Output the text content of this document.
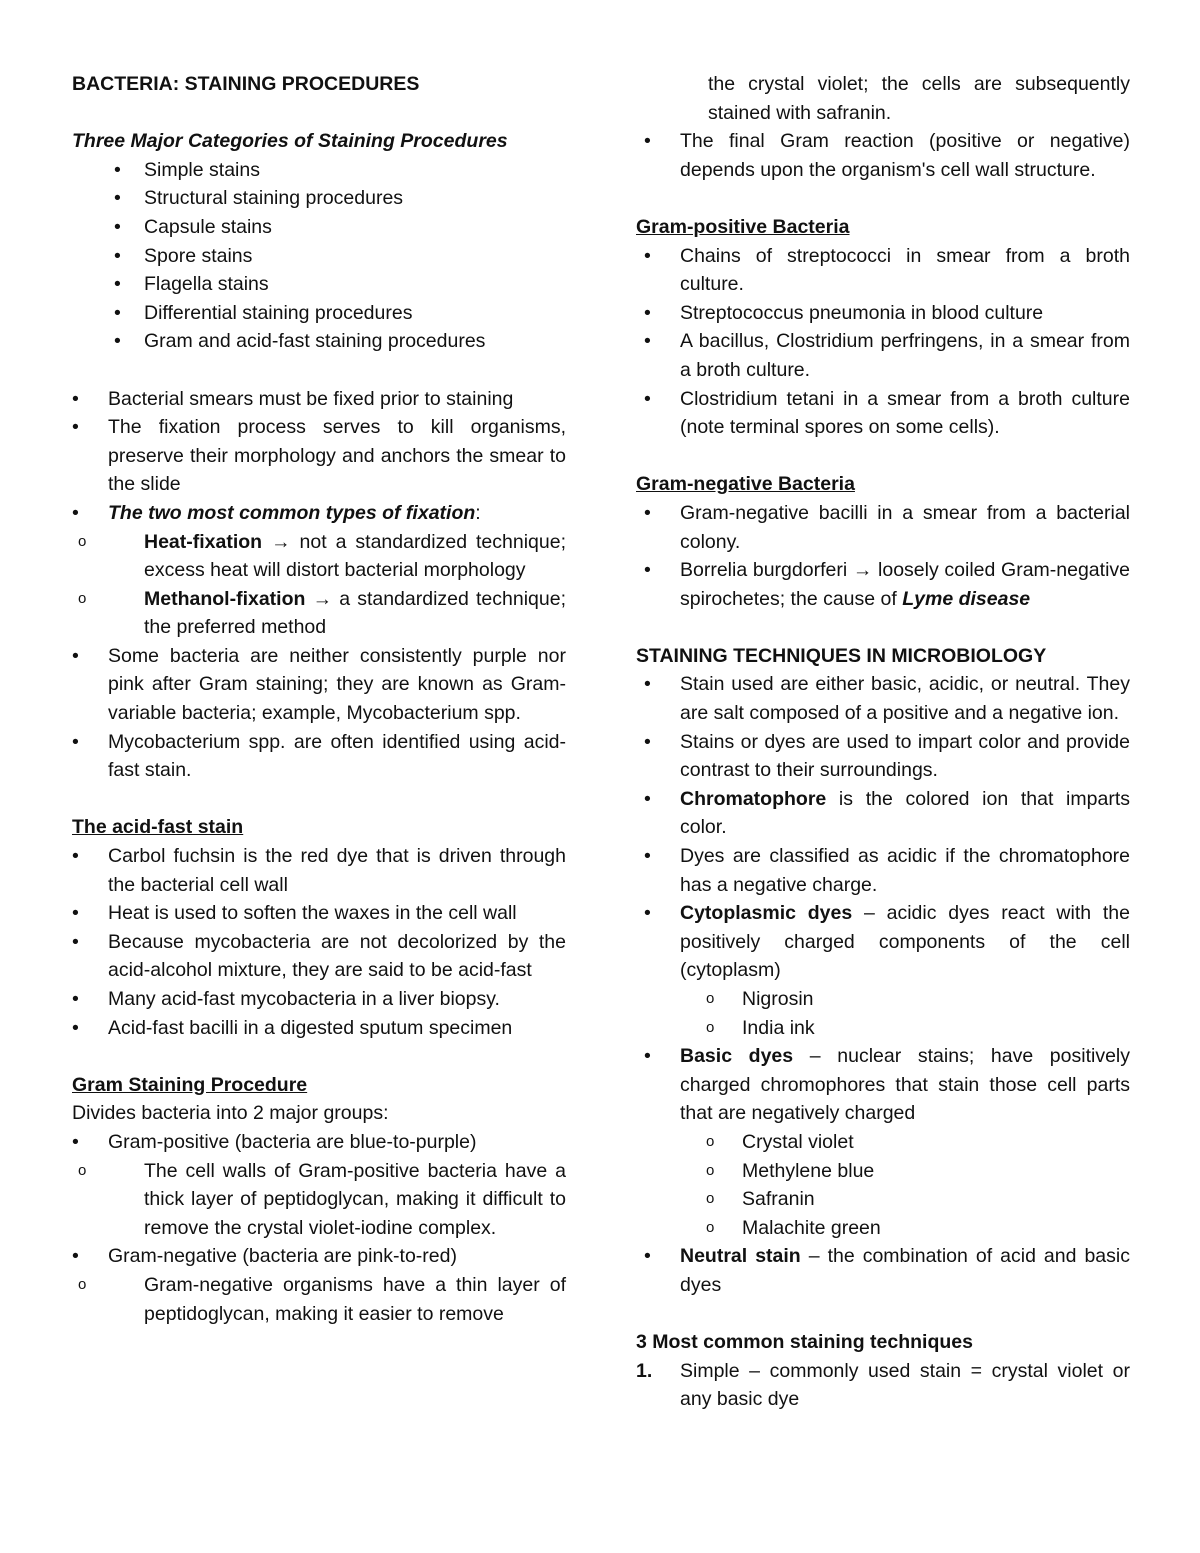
BACTERIA: STAINING PROCEDURES

Three Major Categories of Staining Procedures

• Simple stains
• Structural staining procedures
• Capsule stains
• Spore stains
• Flagella stains
• Differential staining procedures
• Gram and acid-fast staining procedures
• Bacterial smears must be fixed prior to staining
• The fixation process serves to kill organisms, preserve their morphology and anchors the smear to the slide
• The two most common types of fixation:
o	Heat-fixation → not a standardized technique; excess heat will distort bacterial morphology
o	Methanol-fixation → a standardized technique; the preferred method
• Some bacteria are neither consistently purple nor pink after Gram staining; they are known as Gram-variable bacteria; example, Mycobacterium spp.
• Mycobacterium spp. are often identified using acid-fast stain.

The acid-fast stain

• Carbol fuchsin is the red dye that is driven through the bacterial cell wall
• Heat is used to soften the waxes in the cell wall
• Because mycobacteria are not decolorized by the acid-alcohol mixture, they are said to be acid-fast
• Many acid-fast mycobacteria in a liver biopsy.
• Acid-fast bacilli in a digested sputum specimen

Gram Staining Procedure

Divides bacteria into 2 major groups:

• Gram-positive (bacteria are blue-to-purple)
o	The cell walls of Gram-positive bacteria have a thick layer of peptidoglycan, making it difficult to remove the crystal violet-iodine complex.
• Gram-negative (bacteria are pink-to-red)
o	Gram-negative organisms have a thin layer of peptidoglycan, making it easier to remove
the crystal violet; the cells are subsequently stained with safranin.
• The final Gram reaction (positive or negative) depends upon the organism's cell wall structure.

Gram-positive Bacteria

• Chains of streptococci in smear from a broth culture.
• Streptococcus pneumonia in blood culture
• A bacillus, Clostridium perfringens, in a smear from a broth culture.
• Clostridium tetani in a smear from a broth culture (note terminal spores on some cells).

Gram-negative Bacteria

• Gram-negative bacilli in a smear from a bacterial colony.
• Borrelia burgdorferi → loosely coiled Gram-negative spirochetes; the cause of Lyme disease

STAINING TECHNIQUES IN MICROBIOLOGY

• Stain used are either basic, acidic, or neutral. They are salt composed of a positive and a negative ion.
• Stains or dyes are used to impart color and provide contrast to their surroundings.
• Chromatophore is the colored ion that imparts color.
• Dyes are classified as acidic if the chromatophore has a negative charge.
• Cytoplasmic dyes – acidic dyes react with the positively charged components of the cell (cytoplasm)
o Nigrosin
o India ink
• Basic dyes – nuclear stains; have positively charged chromophores that stain those cell parts that are negatively charged
o Crystal violet
o Methylene blue
o Safranin
o Malachite green
• Neutral stain – the combination of acid and basic dyes

3 Most common staining techniques

1. Simple – commonly used stain = crystal violet or any basic dye
